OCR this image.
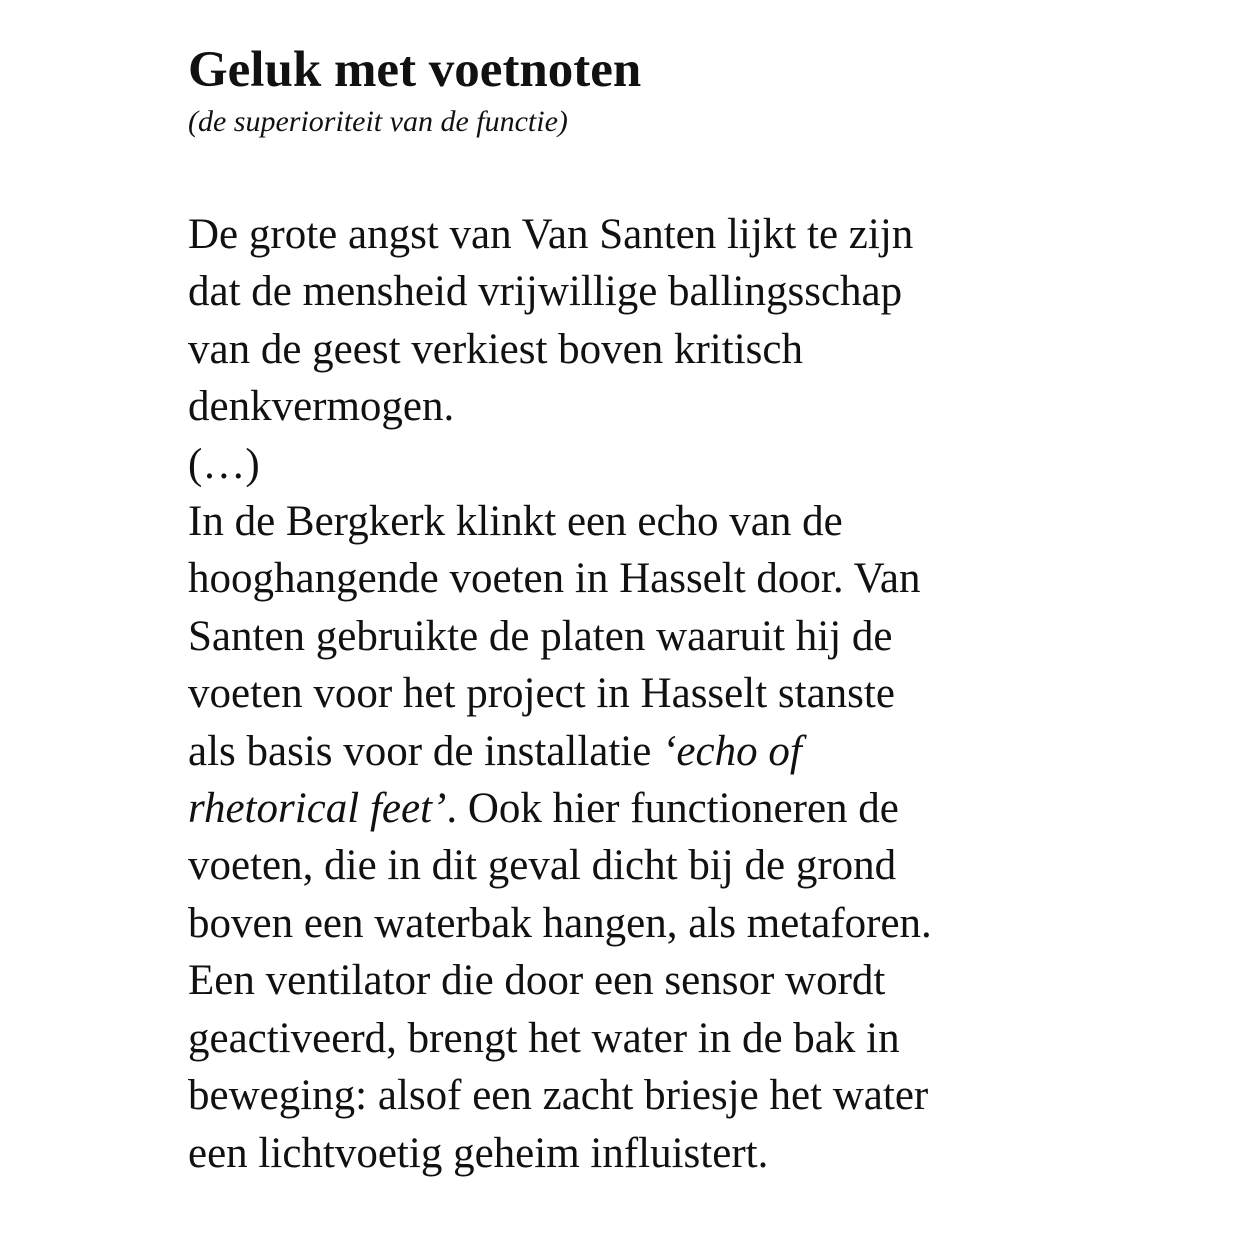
Geluk met voetnoten

(de superioriteit van de functie)

De grote angst van Van Santen lijkt te zijn
dat de mensheid vrijwillige ballingsschap
van de geest verkiest boven kritisch
denkvermogen.
(…)
In de Bergkerk klinkt een echo van de
hooghangende voeten in Hasselt door. Van
Santen gebruikte de platen waaruit hij de
voeten voor het project in Hasselt stanste
als basis voor de installatie ‘echo of
rhetorical feet’. Ook hier functioneren de
voeten, die in dit geval dicht bij de grond
boven een waterbak hangen, als metaforen.
Een ventilator die door een sensor wordt
geactiveerd, brengt het water in de bak in
beweging: alsof een zacht briesje het water
een lichtvoetig geheim influistert.
